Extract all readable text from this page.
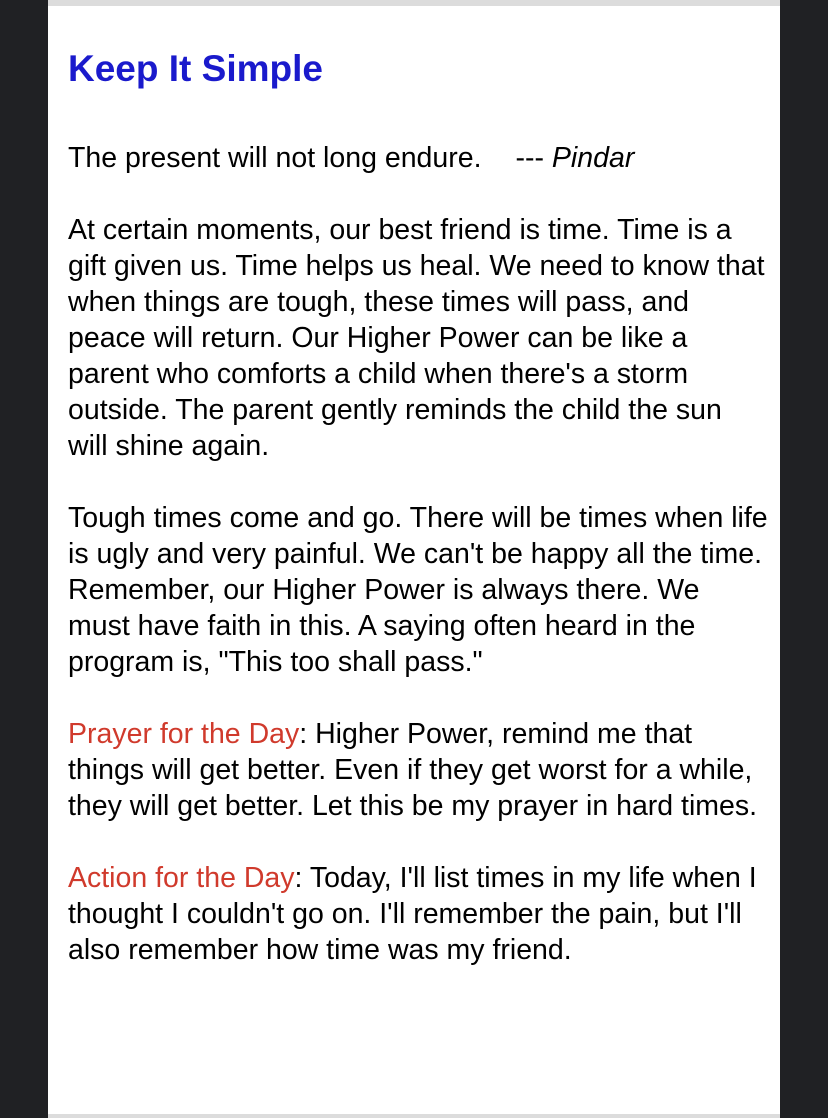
Keep It Simple

The present will not long endure. --- Pindar

At certain moments, our best friend is time. Time is a gift given us. Time helps us heal. We need to know that when things are tough, these times will pass, and peace will return. Our Higher Power can be like a parent who comforts a child when there's a storm outside. The parent gently reminds the child the sun will shine again.

Tough times come and go. There will be times when life is ugly and very painful. We can't be happy all the time. Remember, our Higher Power is always there. We must have faith in this. A saying often heard in the program is, "This too shall pass."

Prayer for the Day: Higher Power, remind me that things will get better. Even if they get worst for a while, they will get better. Let this be my prayer in hard times.

Action for the Day: Today, I'll list times in my life when I thought I couldn't go on. I'll remember the pain, but I'll also remember how time was my friend.
